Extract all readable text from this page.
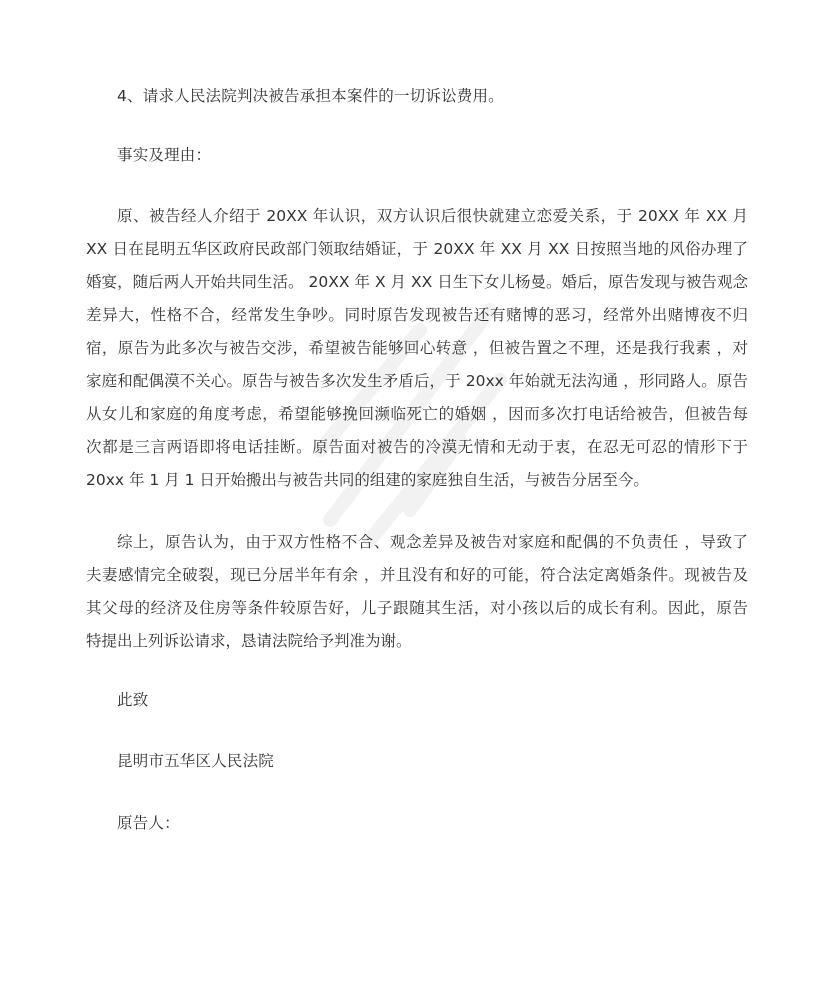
4、请求人民法院判决被告承担本案件的一切诉讼费用。
事实及理由：
原、被告经人介绍于 20XX 年认识，双方认识后很快就建立恋爱关系，于 20XX 年 XX 月
XX 日在昆明五华区政府民政部门领取结婚证，于 20XX 年 XX 月 XX 日按照当地的风俗办理了
婚宴，随后两人开始共同生活。 20XX 年 X 月 XX 日生下女儿杨曼。婚后，原告发现与被告观念
差异大，性格不合，经常发生争吵。同时原告发现被告还有赌博的恶习，经常外出赌博夜不归
宿，原告为此多次与被告交涉，希望被告能够回心转意 ，但被告置之不理，还是我行我素 ，对
家庭和配偶漠不关心。原告与被告多次发生矛盾后，于 20xx 年始就无法沟通 ，形同路人。原告
从女儿和家庭的角度考虑，希望能够挽回濒临死亡的婚姻 ，因而多次打电话给被告，但被告每
次都是三言两语即将电话挂断。原告面对被告的冷漠无情和无动于衷，在忍无可忍的情形下于
20xx 年 1 月 1 日开始搬出与被告共同的组建的家庭独自生活，与被告分居至今。
综上，原告认为，由于双方性格不合、观念差异及被告对家庭和配偶的不负责任 ，导致了
夫妻感情完全破裂，现已分居半年有余 ，并且没有和好的可能，符合法定离婚条件。现被告及
其父母的经济及住房等条件较原告好，儿子跟随其生活，对小孩以后的成长有利。因此，原告
特提出上列诉讼请求，恳请法院给予判准为谢。
此致
昆明市五华区人民法院
原告人：
